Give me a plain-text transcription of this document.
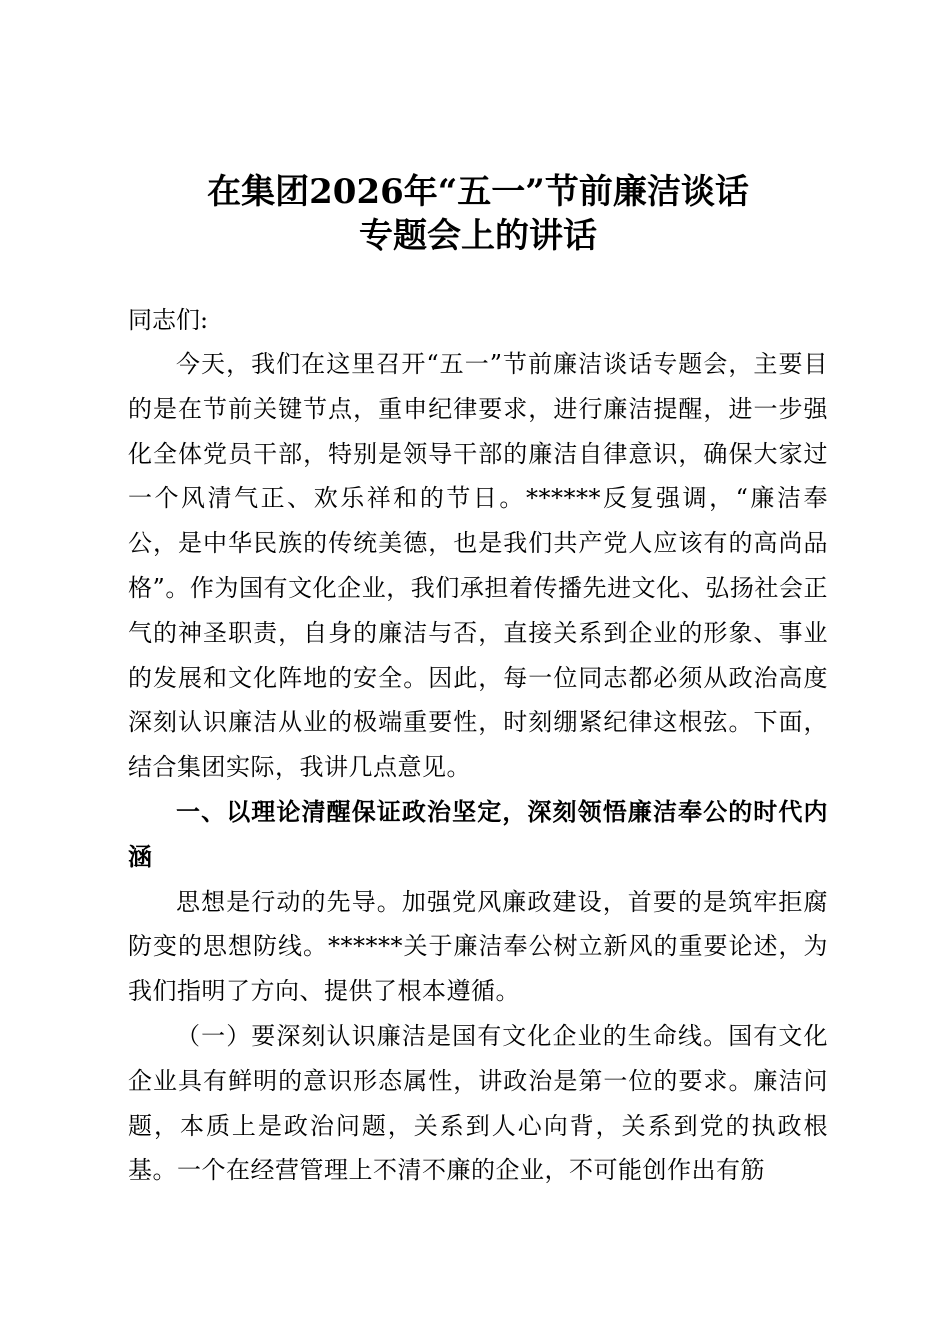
在集团2026年“五一”节前廉洁谈话
专题会上的讲话

同志们:

今天，我们在这里召开“五一”节前廉洁谈话专题会，主要目的是在节前关键节点，重申纪律要求，进行廉洁提醒，进一步强化全体党员干部，特别是领导干部的廉洁自律意识，确保大家过一个风清气正、欢乐祥和的节日。******反复强调，“廉洁奉公，是中华民族的传统美德，也是我们共产党人应该有的高尚品格”。作为国有文化企业，我们承担着传播先进文化、弘扬社会正气的神圣职责，自身的廉洁与否，直接关系到企业的形象、事业的发展和文化阵地的安全。因此，每一位同志都必须从政治高度深刻认识廉洁从业的极端重要性，时刻绷紧纪律这根弦。下面，结合集团实际，我讲几点意见。

一、以理论清醒保证政治坚定，深刻领悟廉洁奉公的时代内涵

思想是行动的先导。加强党风廉政建设，首要的是筑牢拒腐防变的思想防线。******关于廉洁奉公树立新风的重要论述，为我们指明了方向、提供了根本遵循。

（一）要深刻认识廉洁是国有文化企业的生命线。国有文化企业具有鲜明的意识形态属性，讲政治是第一位的要求。廉洁问题，本质上是政治问题，关系到人心向背，关系到党的执政根基。一个在经营管理上不清不廉的企业，不可能创作出有筋
